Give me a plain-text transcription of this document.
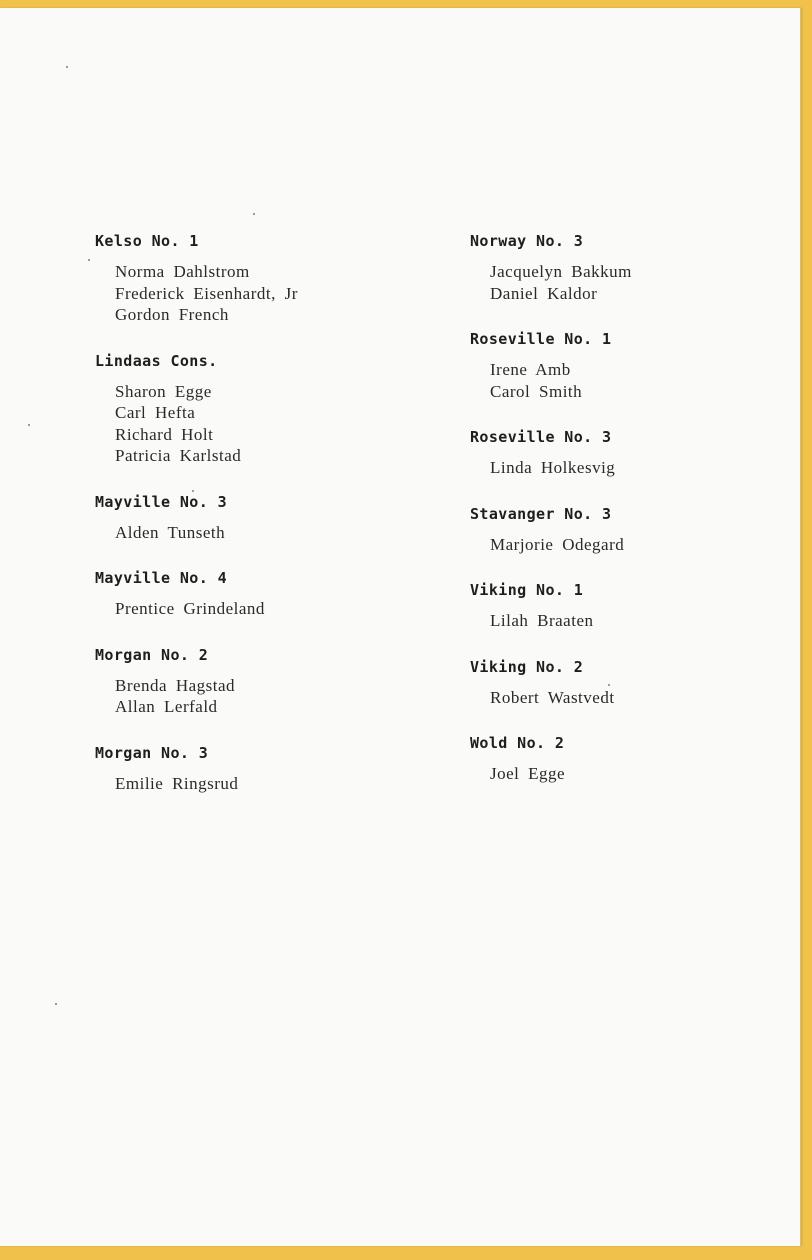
Kelso No. 1
Norma Dahlstrom
Frederick Eisenhardt, Jr
Gordon French
Lindaas Cons.
Sharon Egge
Carl Hefta
Richard Holt
Patricia Karlstad
Mayville No. 3
Alden Tunseth
Mayville No. 4
Prentice Grindeland
Morgan No. 2
Brenda Hagstad
Allan Lerfald
Morgan No. 3
Emilie Ringsrud
Norway No. 3
Jacquelyn Bakkum
Daniel Kaldor
Roseville No. 1
Irene Amb
Carol Smith
Roseville No. 3
Linda Holkesvig
Stavanger No. 3
Marjorie Odegard
Viking No. 1
Lilah Braaten
Viking No. 2
Robert Wastvedt
Wold No. 2
Joel Egge
